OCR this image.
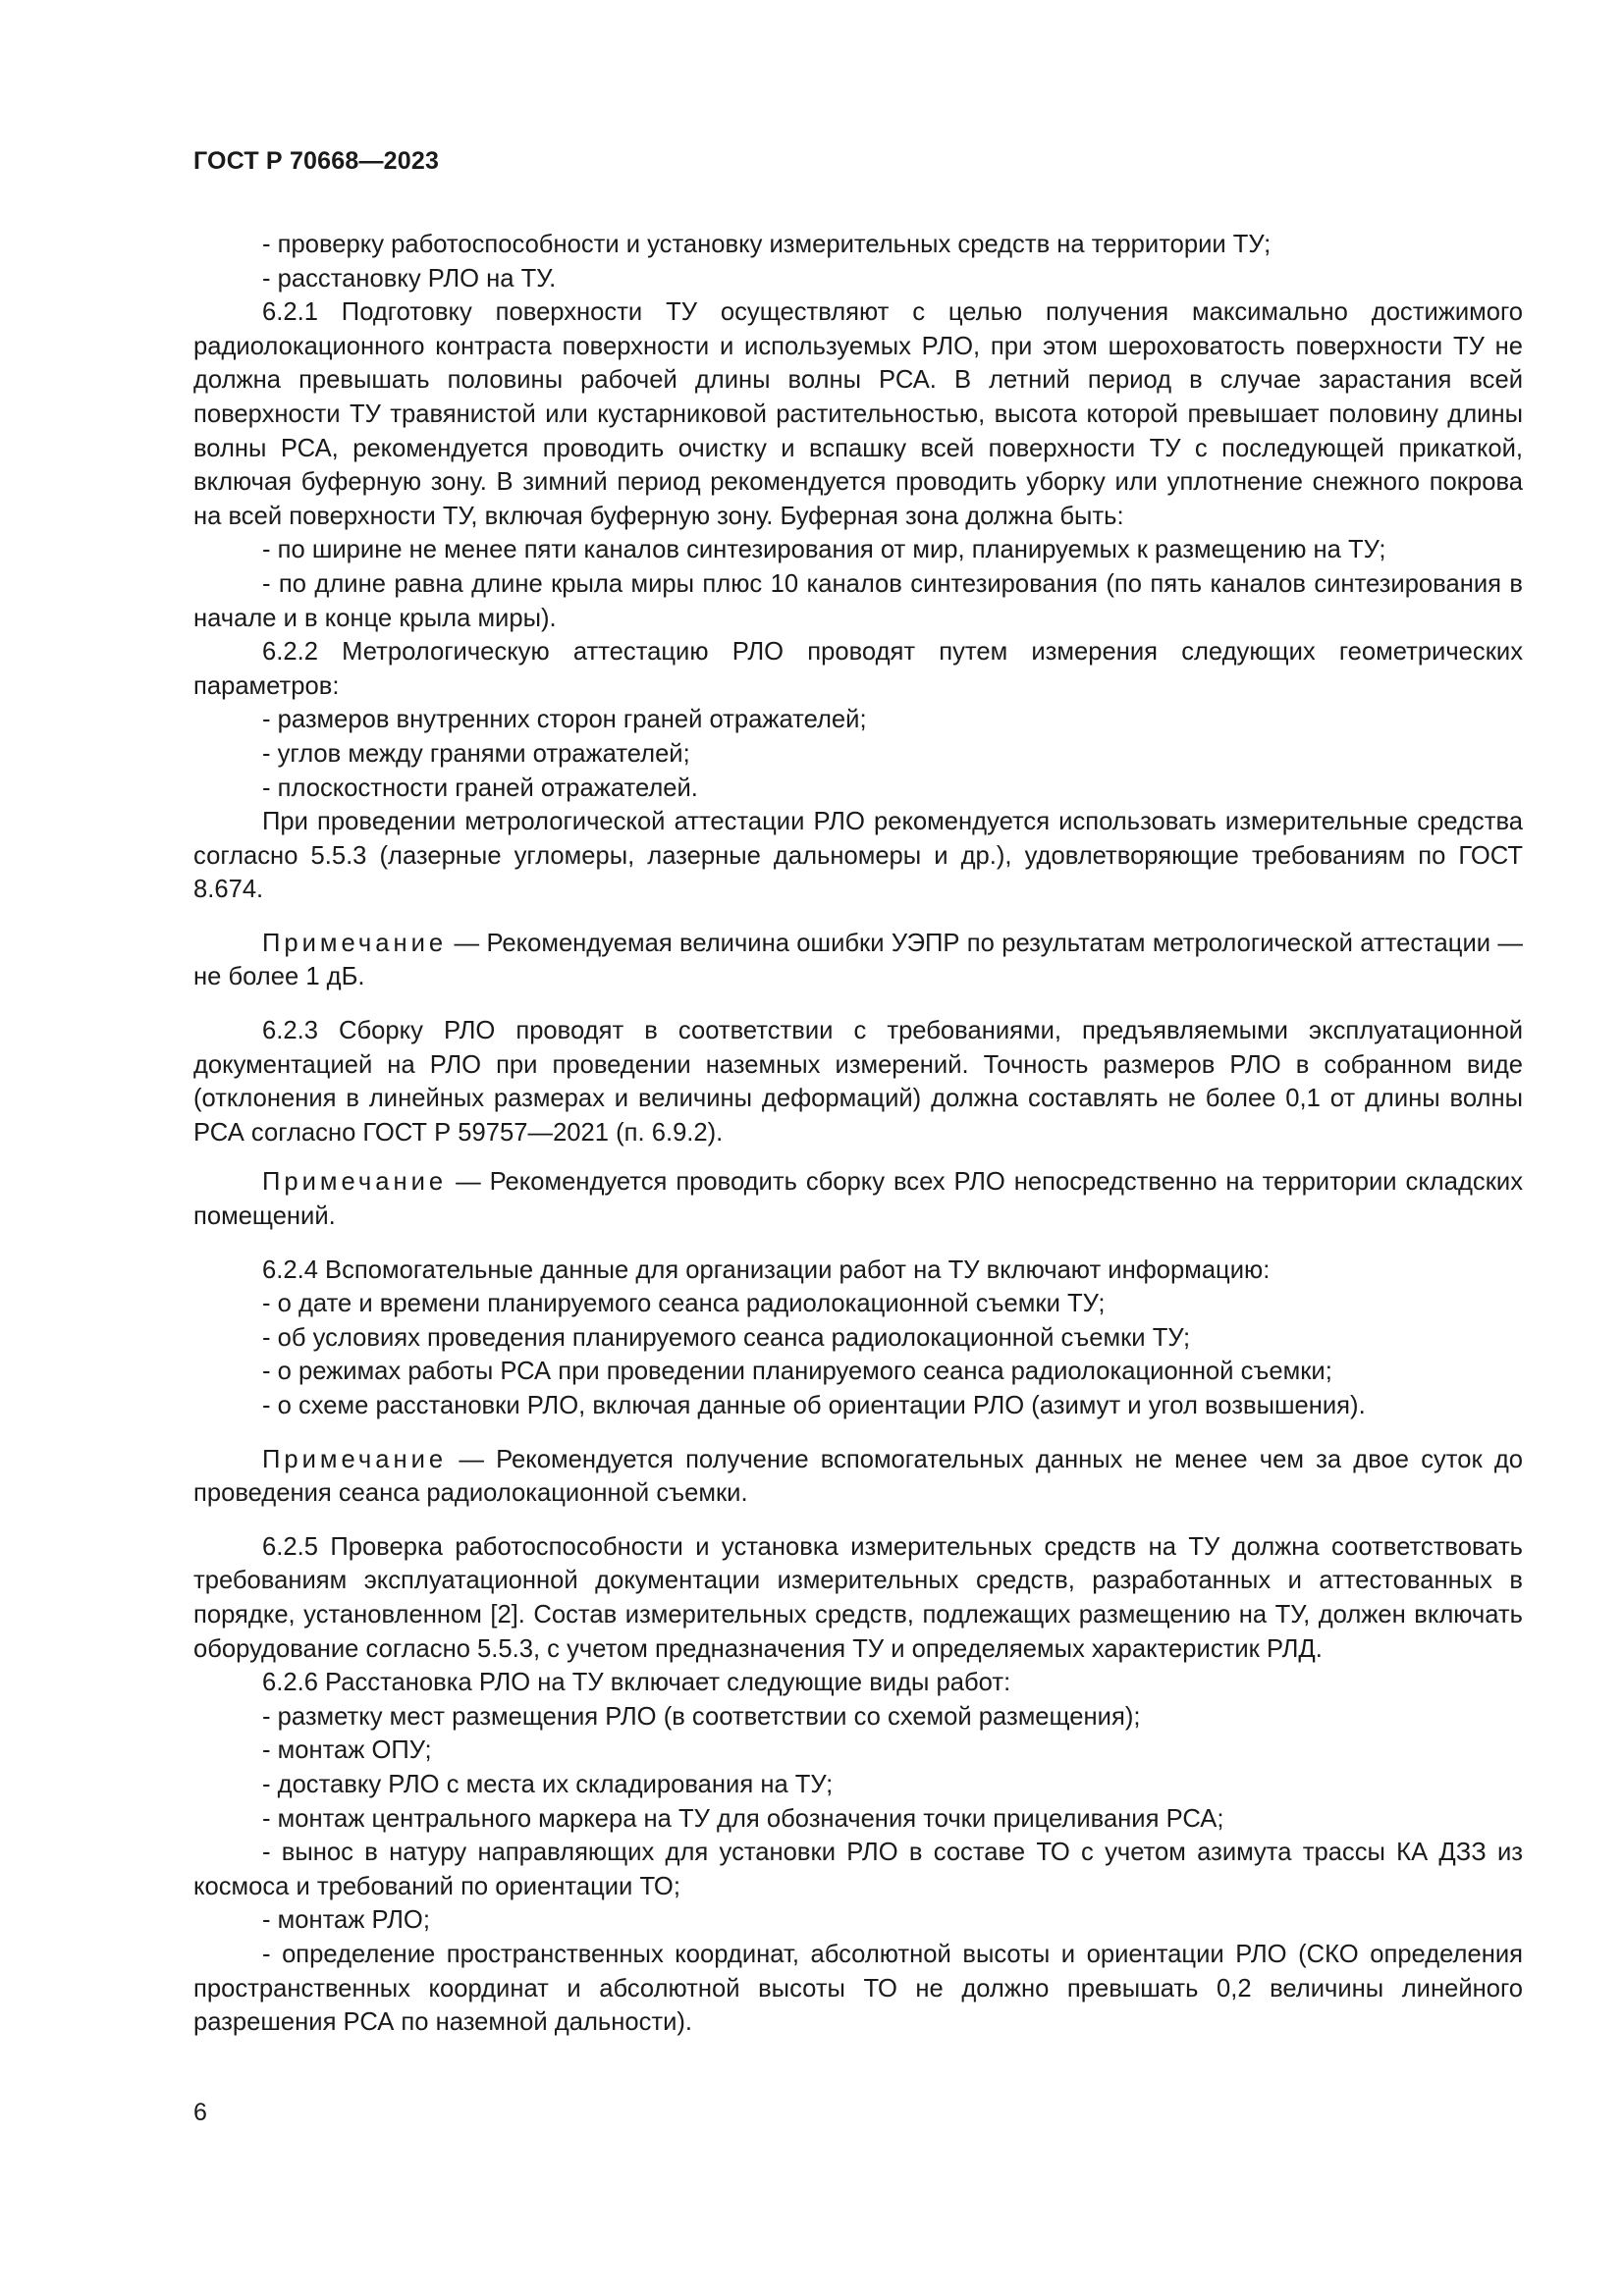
ГОСТ Р 70668—2023

- проверку работоспособности и установку измерительных средств на территории ТУ;

- расстановку РЛО на ТУ.

6.2.1 Подготовку поверхности ТУ осуществляют с целью получения максимально достижимого радиолокационного контраста поверхности и используемых РЛО, при этом шероховатость поверхности ТУ не должна превышать половины рабочей длины волны РСА. В летний период в случае зарастания всей поверхности ТУ травянистой или кустарниковой растительностью, высота которой превышает половину длины волны РСА, рекомендуется проводить очистку и вспашку всей поверхности ТУ с последующей прикаткой, включая буферную зону. В зимний период рекомендуется проводить уборку или уплотнение снежного покрова на всей поверхности ТУ, включая буферную зону. Буферная зона должна быть:

- по ширине не менее пяти каналов синтезирования от мир, планируемых к размещению на ТУ;

- по длине равна длине крыла миры плюс 10 каналов синтезирования (по пять каналов синтезирования в начале и в конце крыла миры).

6.2.2 Метрологическую аттестацию РЛО проводят путем измерения следующих геометрических параметров:

- размеров внутренних сторон граней отражателей;

- углов между гранями отражателей;

- плоскостности граней отражателей.

При проведении метрологической аттестации РЛО рекомендуется использовать измерительные средства согласно 5.5.3 (лазерные угломеры, лазерные дальномеры и др.), удовлетворяющие требованиям по ГОСТ 8.674.

Примечание — Рекомендуемая величина ошибки УЭПР по результатам метрологической аттестации — не более 1 дБ.

6.2.3 Сборку РЛО проводят в соответствии с требованиями, предъявляемыми эксплуатационной документацией на РЛО при проведении наземных измерений. Точность размеров РЛО в собранном виде (отклонения в линейных размерах и величины деформаций) должна составлять не более 0,1 от длины волны РСА согласно ГОСТ Р 59757—2021 (п. 6.9.2).

Примечание — Рекомендуется проводить сборку всех РЛО непосредственно на территории складских помещений.

6.2.4 Вспомогательные данные для организации работ на ТУ включают информацию:

- о дате и времени планируемого сеанса радиолокационной съемки ТУ;

- об условиях проведения планируемого сеанса радиолокационной съемки ТУ;

- о режимах работы РСА при проведении планируемого сеанса радиолокационной съемки;

- о схеме расстановки РЛО, включая данные об ориентации РЛО (азимут и угол возвышения).

Примечание — Рекомендуется получение вспомогательных данных не менее чем за двое суток до проведения сеанса радиолокационной съемки.

6.2.5 Проверка работоспособности и установка измерительных средств на ТУ должна соответствовать требованиям эксплуатационной документации измерительных средств, разработанных и аттестованных в порядке, установленном [2]. Состав измерительных средств, подлежащих размещению на ТУ, должен включать оборудование согласно 5.5.3, с учетом предназначения ТУ и определяемых характеристик РЛД.

6.2.6 Расстановка РЛО на ТУ включает следующие виды работ:

- разметку мест размещения РЛО (в соответствии со схемой размещения);

- монтаж ОПУ;

- доставку РЛО с места их складирования на ТУ;

- монтаж центрального маркера на ТУ для обозначения точки прицеливания РСА;

- вынос в натуру направляющих для установки РЛО в составе ТО с учетом азимута трассы КА ДЗЗ из космоса и требований по ориентации ТО;

- монтаж РЛО;

- определение пространственных координат, абсолютной высоты и ориентации РЛО (СКО определения пространственных координат и абсолютной высоты ТО не должно превышать 0,2 величины линейного разрешения РСА по наземной дальности).

6
